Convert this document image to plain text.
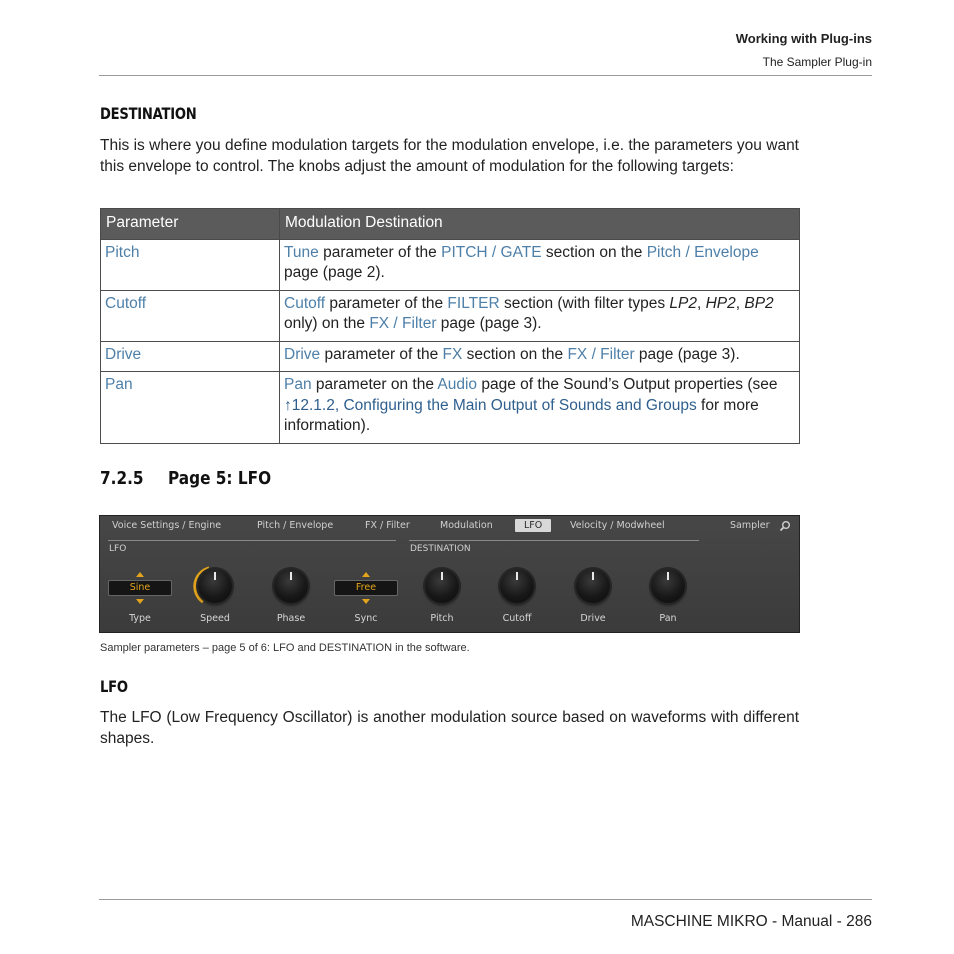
Working with Plug-ins
The Sampler Plug-in
DESTINATION

This is where you define modulation targets for the modulation envelope, i.e. the parameters you want this envelope to control. The knobs adjust the amount of modulation for the following targets:

Parameter	Modulation Destination
Pitch	Tune parameter of the PITCH / GATE section on the Pitch / Envelope page (page 2).
Cutoff	Cutoff parameter of the FILTER section (with filter types LP2, HP2, BP2 only) on the FX / Filter page (page 3).
Drive	Drive parameter of the FX section on the FX / Filter page (page 3).
Pan	Pan parameter on the Audio page of the Sound’s Output properties (see ↑12.1.2, Configuring the Main Output of Sounds and Groups for more information).
7.2.5 Page 5: LFO
Voice Settings / Engine	Pitch / Envelope	FX / Filter	Modulation	LFO	Velocity / Modwheel	Sampler
LFO	DESTINATION
Sine
Type	Speed	Phase
Free
Sync	Pitch	Cutoff	Drive	Pan
Sampler parameters – page 5 of 6: LFO and DESTINATION in the software.
LFO

The LFO (Low Frequency Oscillator) is another modulation source based on waveforms with different shapes.

MASCHINE MIKRO - Manual - 286
